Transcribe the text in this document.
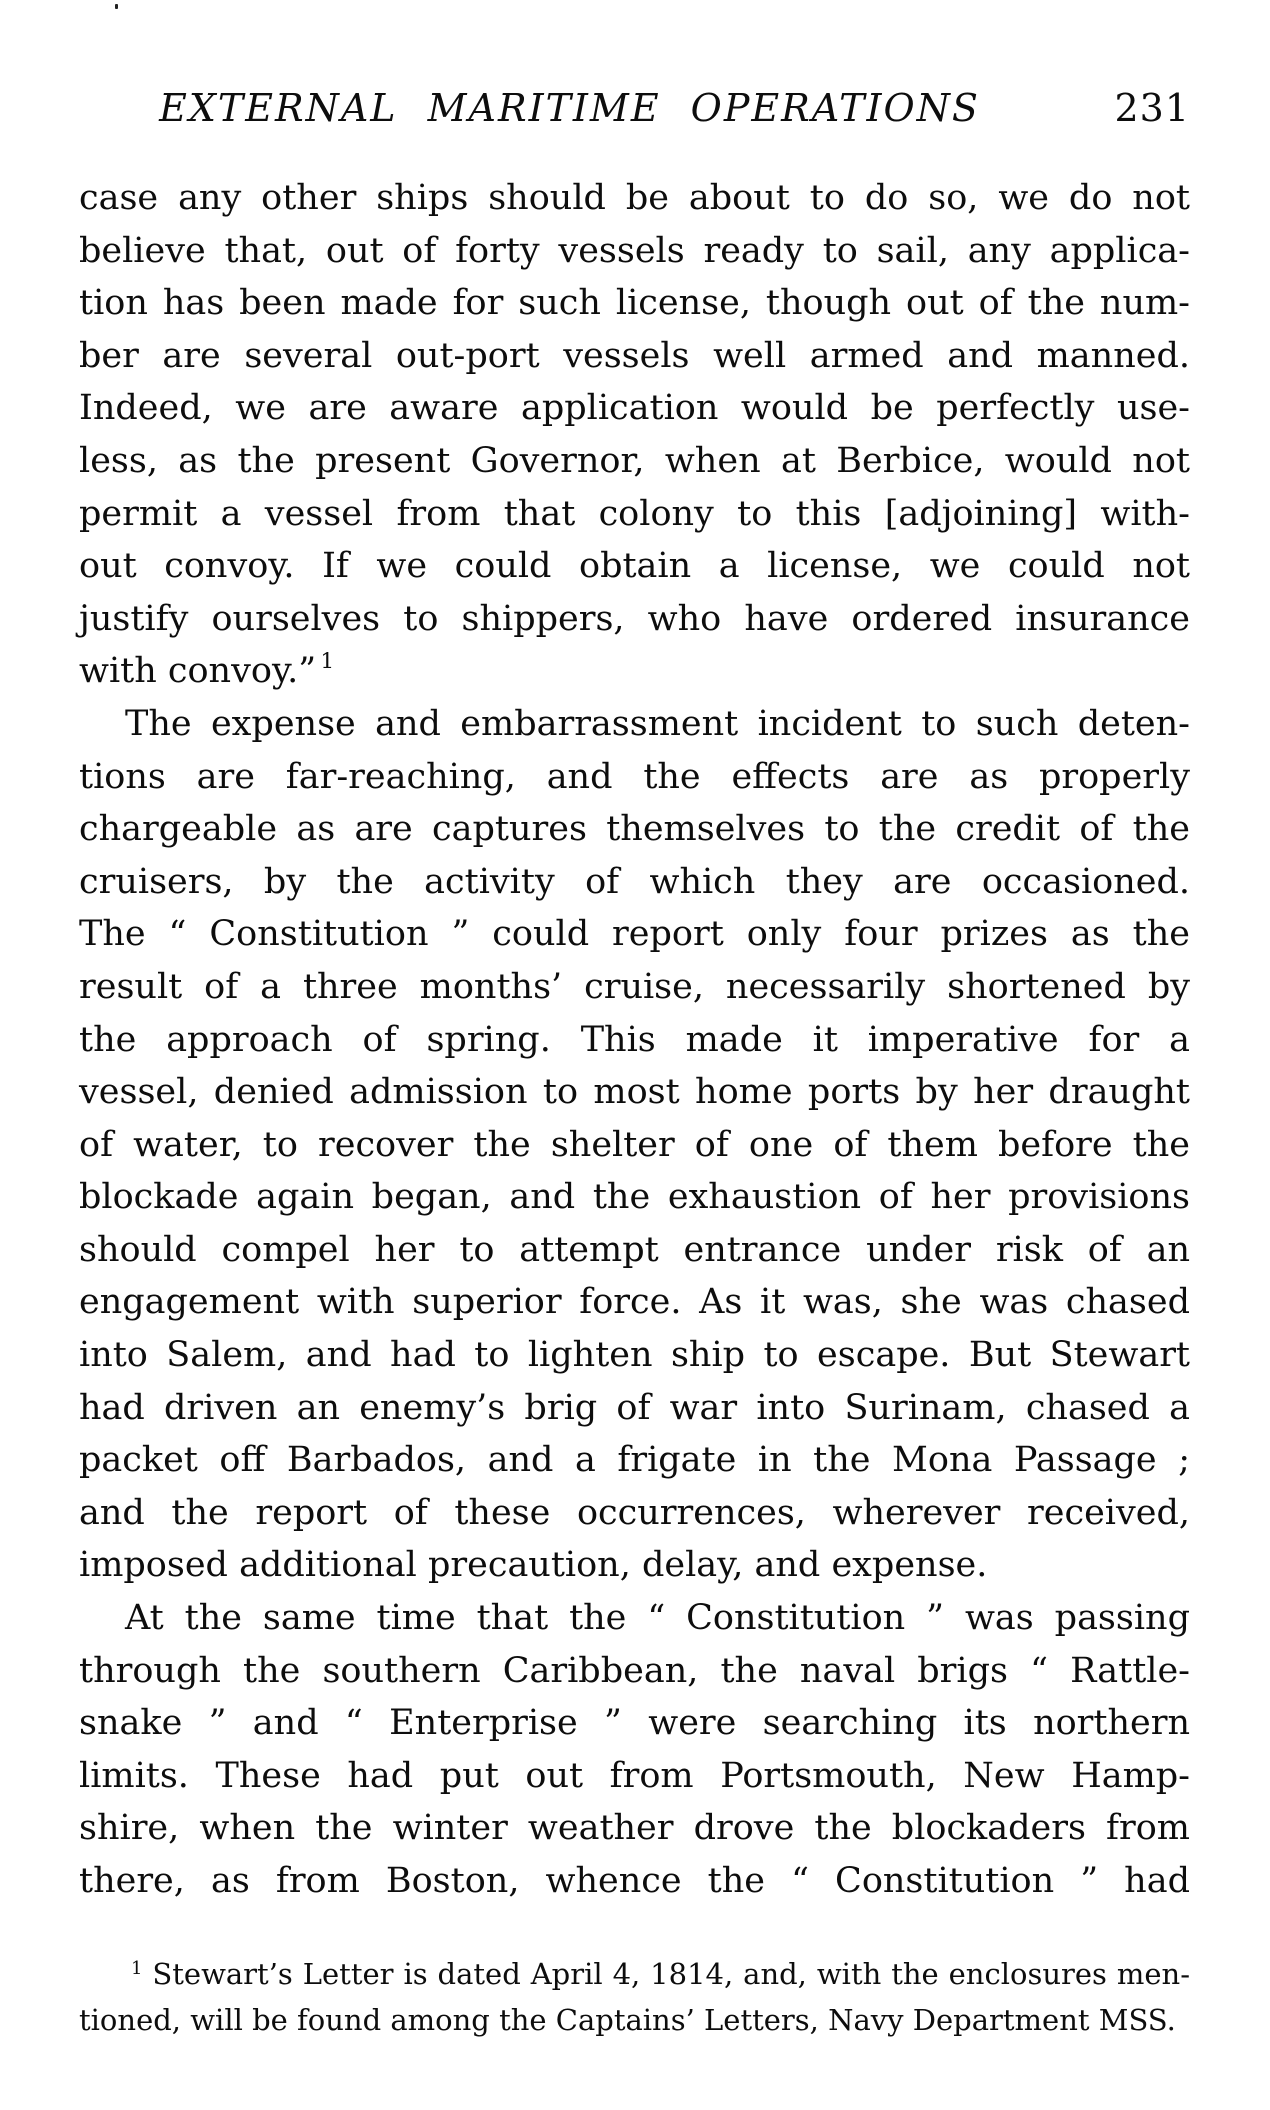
EXTERNAL MARITIME OPERATIONS	231
case any other ships should be about to do so, we do not
believe that, out of forty vessels ready to sail, any applica-
tion has been made for such license, though out of the num-
ber are several out-port vessels well armed and manned.
Indeed, we are aware application would be perfectly use-
less, as the present Governor, when at Berbice, would not
permit a vessel from that colony to this [adjoining] with-
out convoy. If we could obtain a license, we could not
justify ourselves to shippers, who have ordered insurance
with convoy.” $^1$
The expense and embarrassment incident to such deten-
tions are far-reaching, and the effects are as properly
chargeable as are captures themselves to the credit of the
cruisers, by the activity of which they are occasioned.
The “ Constitution ” could report only four prizes as the
result of a three months’ cruise, necessarily shortened by
the approach of spring. This made it imperative for a
vessel, denied admission to most home ports by her draught
of water, to recover the shelter of one of them before the
blockade again began, and the exhaustion of her provisions
should compel her to attempt entrance under risk of an
engagement with superior force. As it was, she was chased
into Salem, and had to lighten ship to escape. But Stewart
had driven an enemy’s brig of war into Surinam, chased a
packet off Barbados, and a frigate in the Mona Passage ;
and the report of these occurrences, wherever received,
imposed additional precaution, delay, and expense.
At the same time that the “ Constitution ” was passing
through the southern Caribbean, the naval brigs “ Rattle-
snake ” and “ Enterprise ” were searching its northern
limits. These had put out from Portsmouth, New Hamp-
shire, when the winter weather drove the blockaders from
there, as from Boston, whence the “ Constitution ” had
$^1$ Stewart’s Letter is dated April 4, 1814, and, with the enclosures men-
tioned, will be found among the Captains’ Letters, Navy Department MSS.
